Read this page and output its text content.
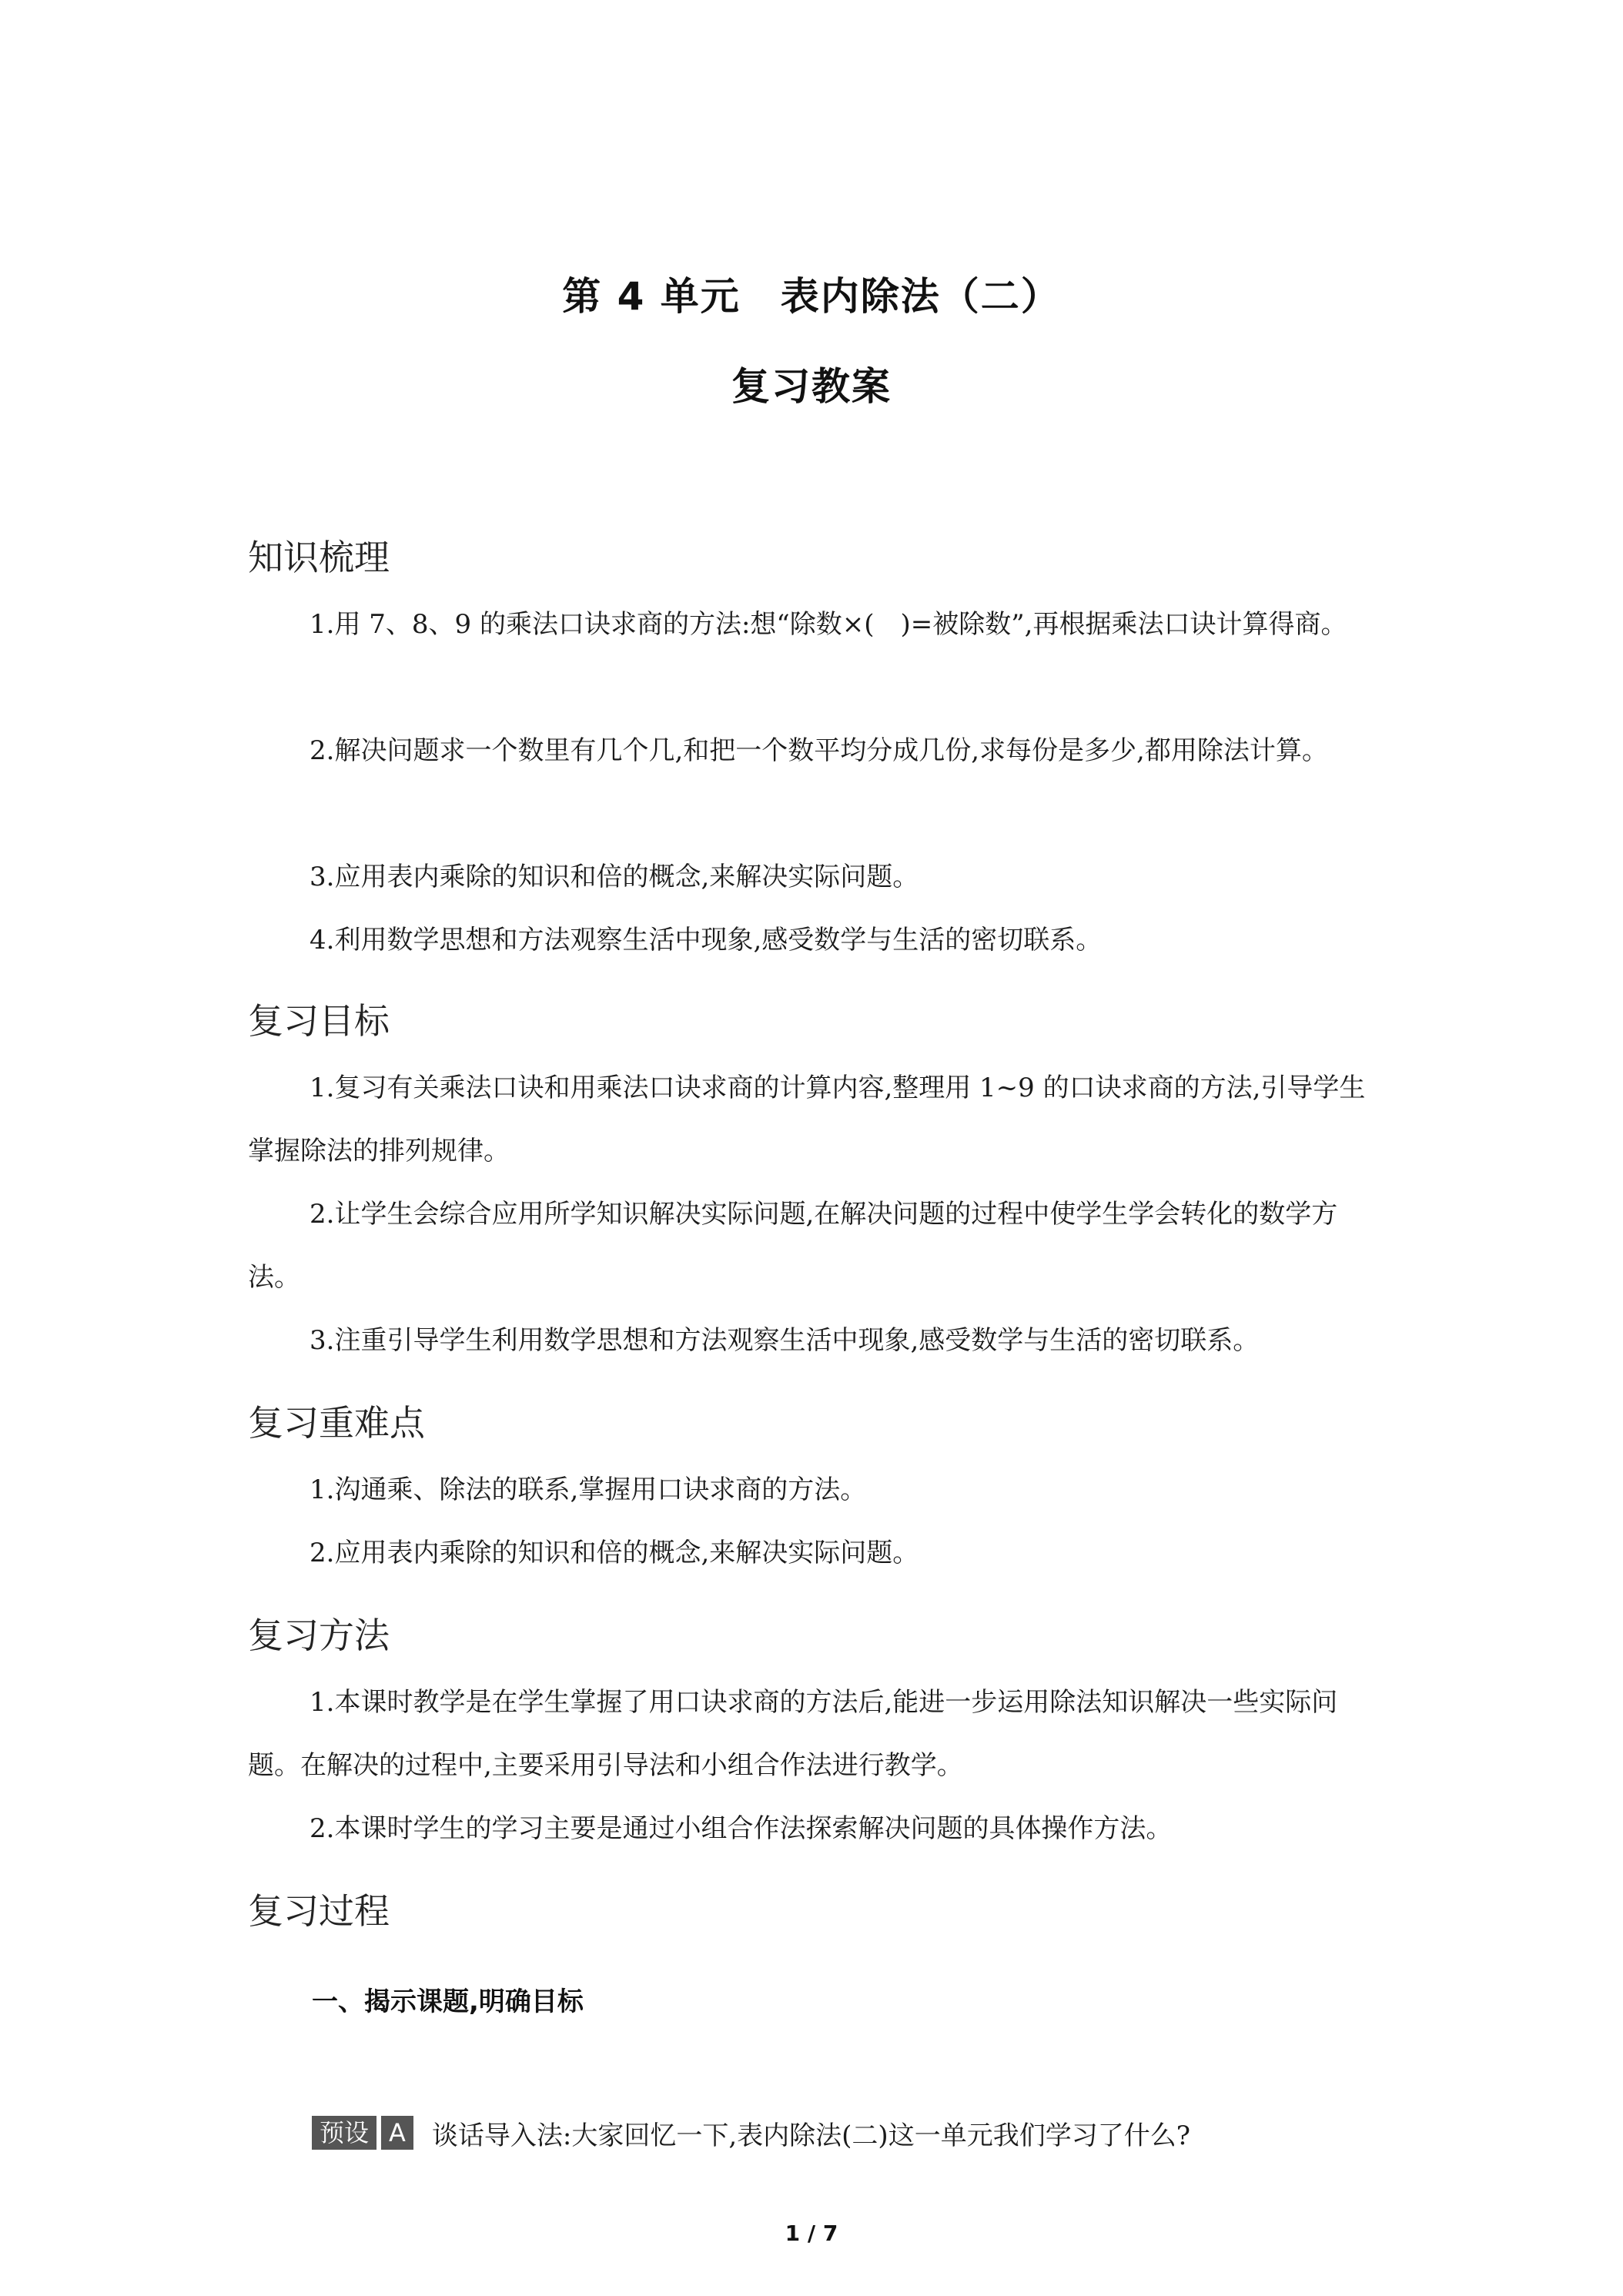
第 4 单元　表内除法（二）
复习教案
知识梳理
1.用 7、8、9 的乘法口诀求商的方法:想“除数×(　)=被除数”,再根据乘法口诀计算得商。
2.解决问题求一个数里有几个几,和把一个数平均分成几份,求每份是多少,都用除法计算。
3.应用表内乘除的知识和倍的概念,来解决实际问题。
4.利用数学思想和方法观察生活中现象,感受数学与生活的密切联系。
复习目标
1.复习有关乘法口诀和用乘法口诀求商的计算内容,整理用 1~9 的口诀求商的方法,引导学生掌握除法的排列规律。
2.让学生会综合应用所学知识解决实际问题,在解决问题的过程中使学生学会转化的数学方法。
3.注重引导学生利用数学思想和方法观察生活中现象,感受数学与生活的密切联系。
复习重难点
1.沟通乘、除法的联系,掌握用口诀求商的方法。
2.应用表内乘除的知识和倍的概念,来解决实际问题。
复习方法
1.本课时教学是在学生掌握了用口诀求商的方法后,能进一步运用除法知识解决一些实际问题。在解决的过程中,主要采用引导法和小组合作法进行教学。
2.本课时学生的学习主要是通过小组合作法探索解决问题的具体操作方法。
复习过程
一、揭示课题,明确目标
预设 A 谈话导入法:大家回忆一下,表内除法(二)这一单元我们学习了什么?
1 / 7
